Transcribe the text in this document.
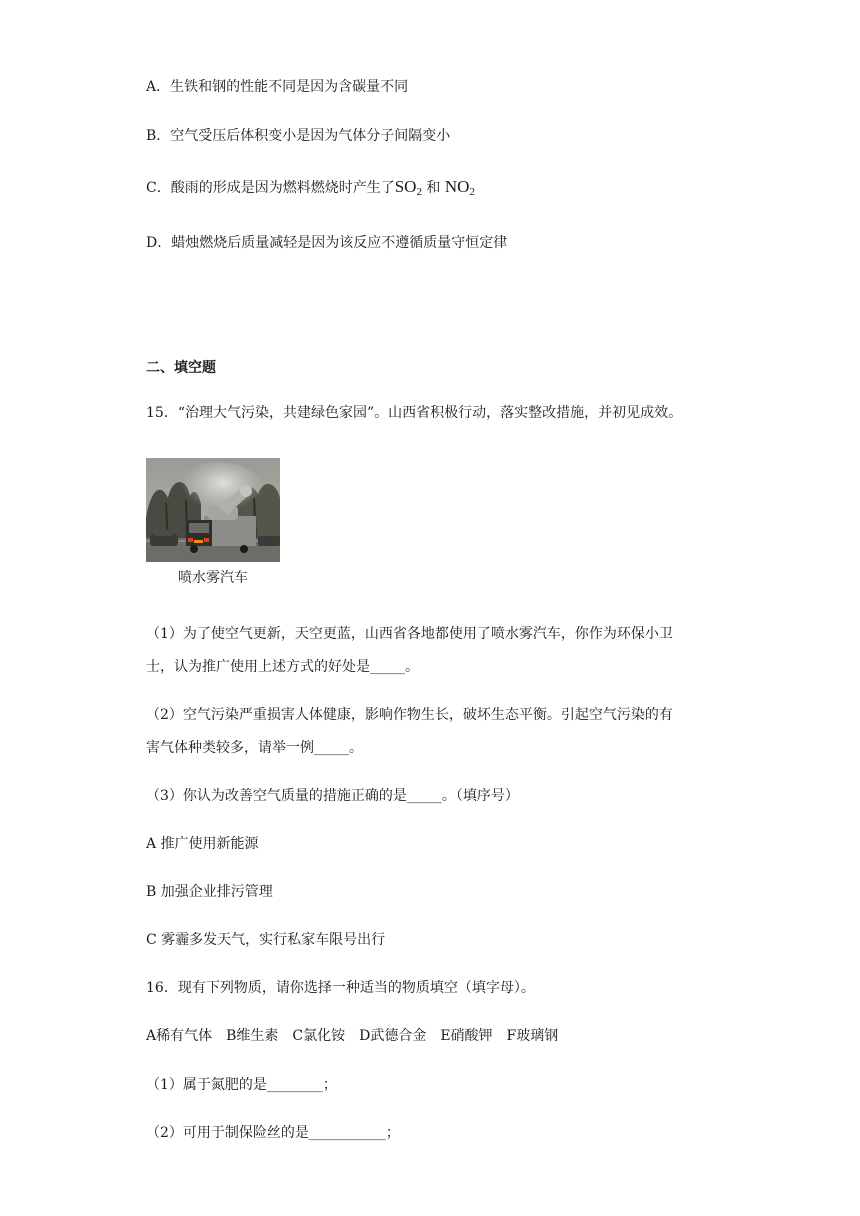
A．生铁和钢的性能不同是因为含碳量不同
B．空气受压后体积变小是因为气体分子间隔变小
C．酸雨的形成是因为燃料燃烧时产生了$SO_2$ 和 $NO_2$
D．蜡烛燃烧后质量减轻是因为该反应不遵循质量守恒定律
二、填空题
15．“治理大气污染，共建绿色家园”。山西省积极行动，落实整改措施，并初见成效。
喷水雾汽车
（1）为了使空气更新，天空更蓝，山西省各地都使用了喷水雾汽车，你作为环保小卫
士，认为推广使用上述方式的好处是_____。
（2）空气污染严重损害人体健康，影响作物生长，破坏生态平衡。引起空气污染的有
害气体种类较多，请举一例_____。
（3）你认为改善空气质量的措施正确的是_____。（填序号）
A 推广使用新能源
B 加强企业排污管理
C 雾霾多发天气，实行私家车限号出行
16．现有下列物质，请你选择一种适当的物质填空（填字母）。
A稀有气体　B维生素　C氯化铵　D武德合金　E硝酸钾　F玻璃钢
（1）属于氮肥的是________；
（2）可用于制保险丝的是___________；
